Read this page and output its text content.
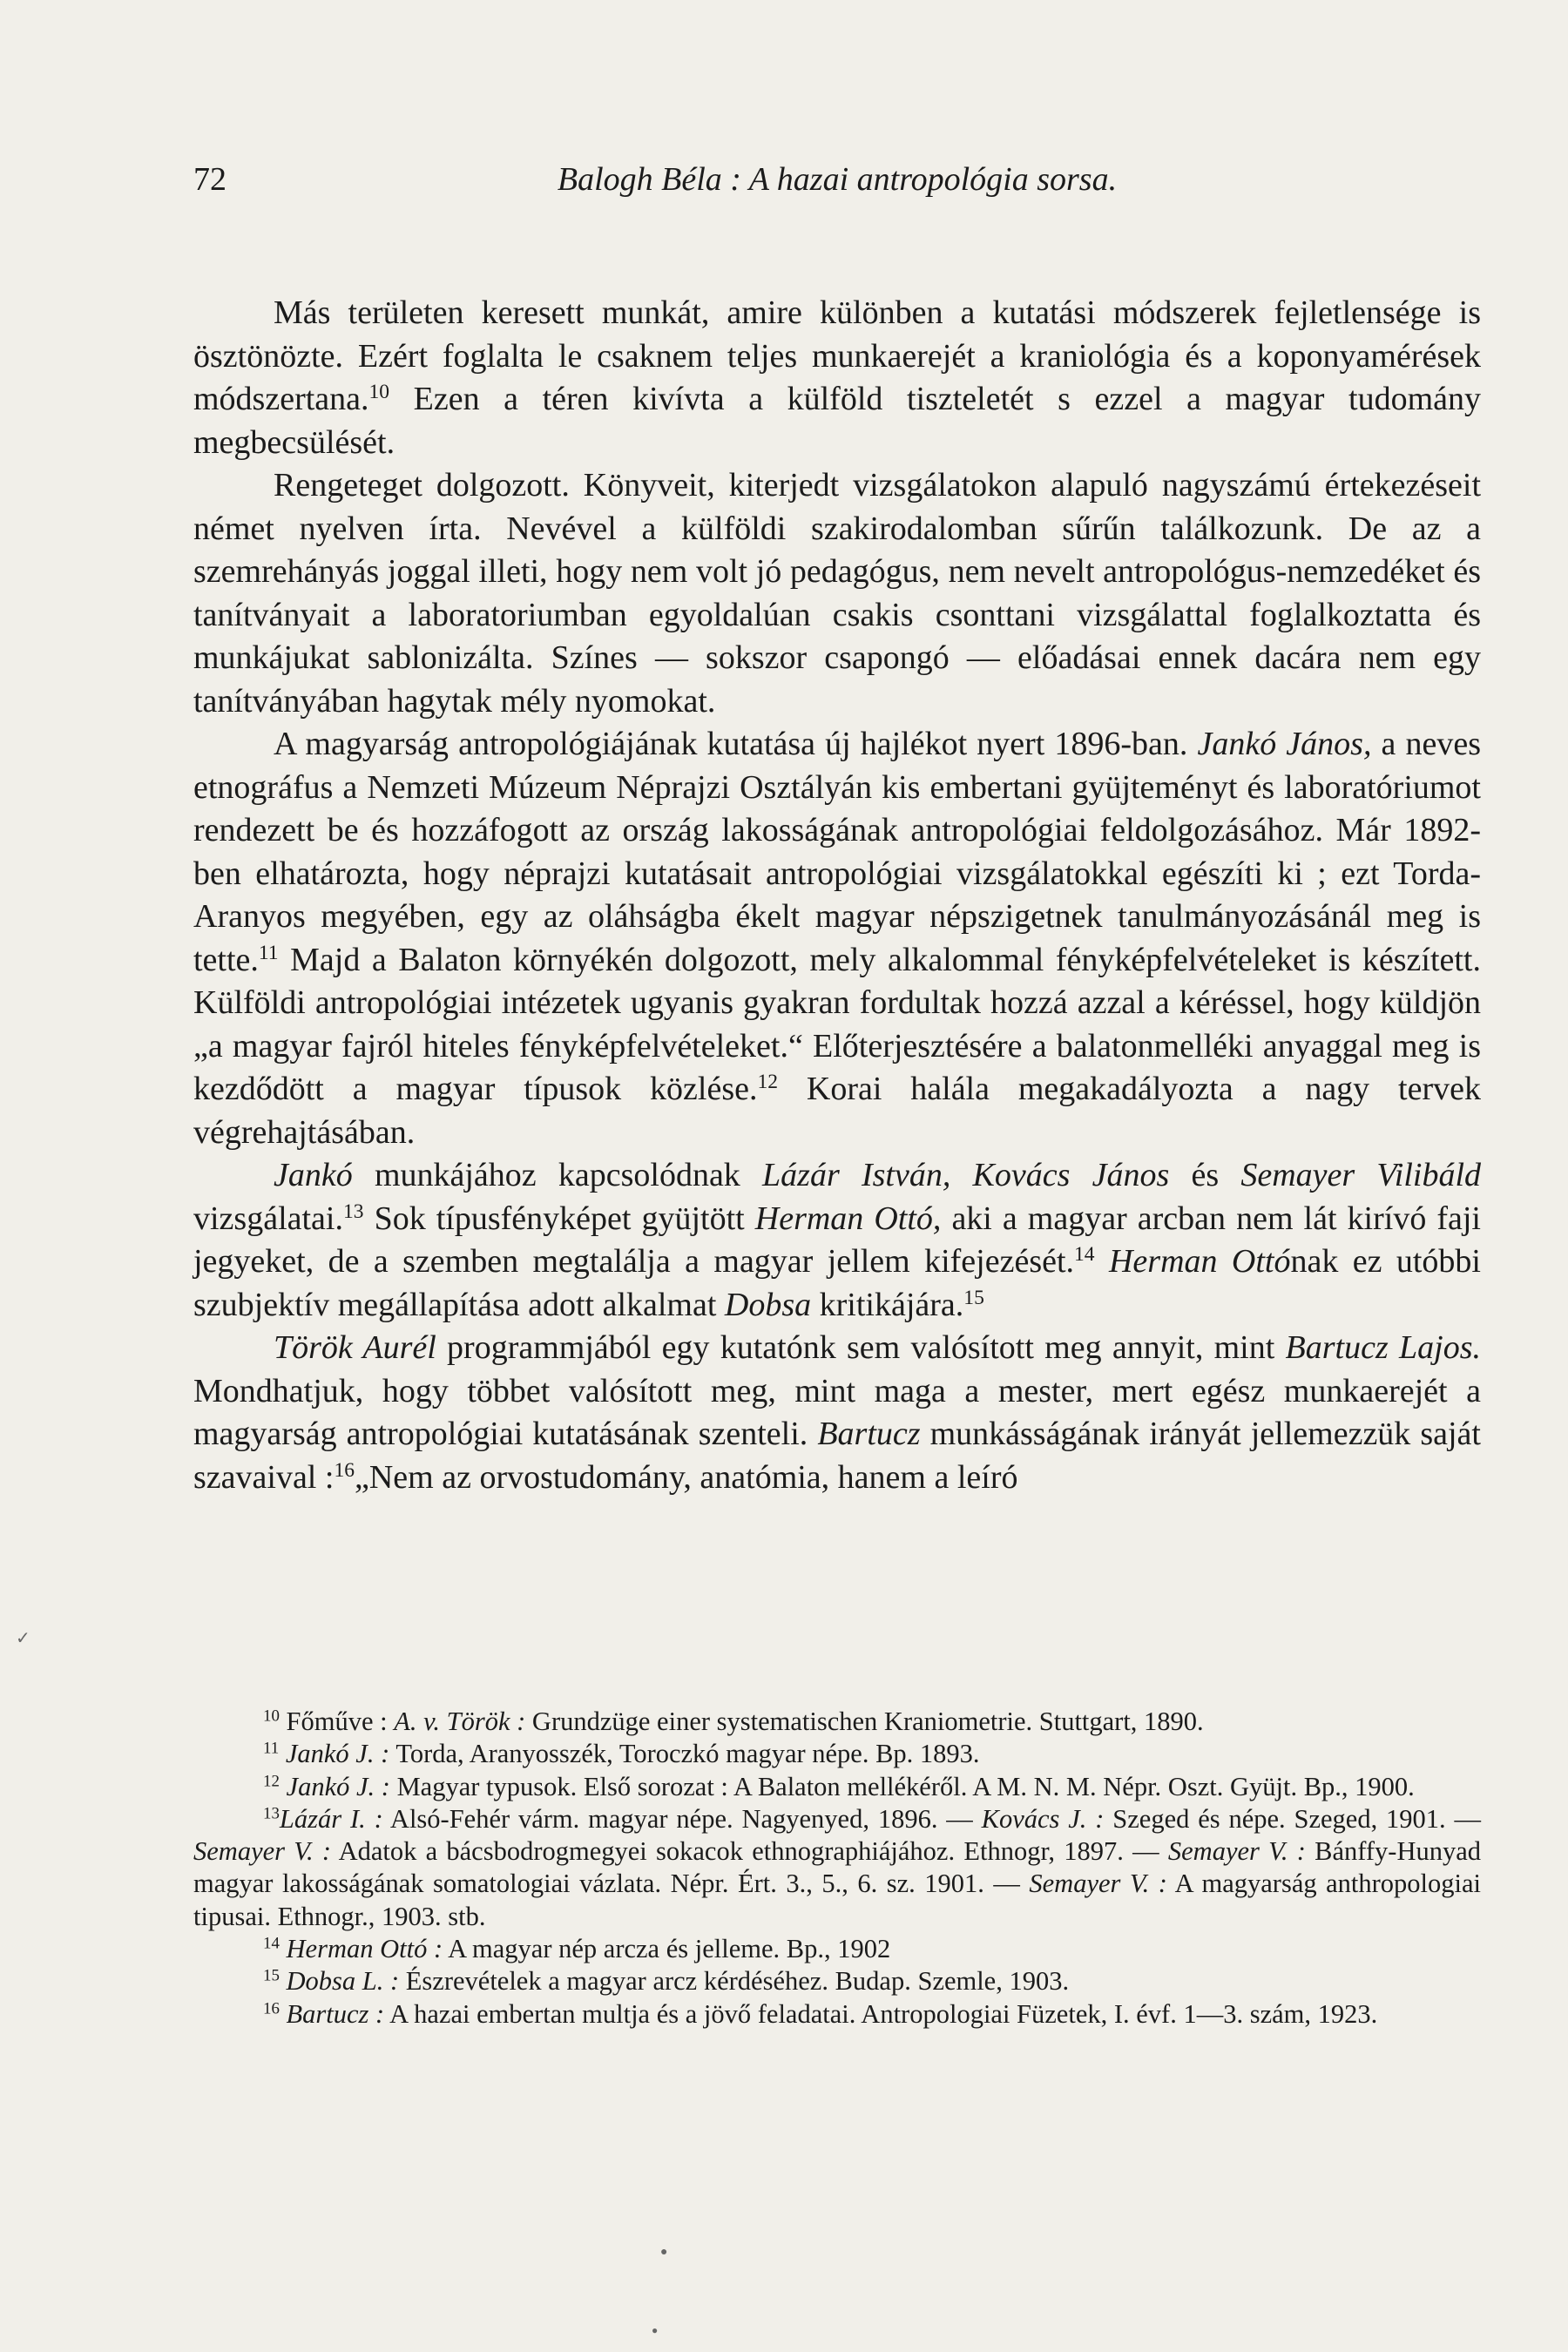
72	Balogh Béla : A hazai antropológia sorsa.

Más területen keresett munkát, amire különben a kutatási módszerek fejletlensége is ösztönözte. Ezért foglalta le csaknem teljes munkaerejét a kraniológia és a koponyamérések módszertana.$^{10}$ Ezen a téren kivívta a külföld tiszteletét s ezzel a magyar tudomány megbecsülését.

Rengeteget dolgozott. Könyveit, kiterjedt vizsgálatokon alapuló nagyszámú értekezéseit német nyelven írta. Nevével a külföldi szakirodalomban sűrűn találkozunk. De az a szemrehányás joggal illeti, hogy nem volt jó pedagógus, nem nevelt antropológus-nemzedéket és tanítványait a laboratoriumban egyoldalúan csakis csonttani vizsgálattal foglalkoztatta és munkájukat sablonizálta. Színes — sokszor csapongó — előadásai ennek dacára nem egy tanítványában hagytak mély nyomokat.

A magyarság antropológiájának kutatása új hajlékot nyert 1896-ban. Jankó János, a neves etnográfus a Nemzeti Múzeum Néprajzi Osztályán kis embertani gyüjteményt és laboratóriumot rendezett be és hozzáfogott az ország lakosságának antropológiai feldolgozásához. Már 1892-ben elhatározta, hogy néprajzi kutatásait antropológiai vizsgálatokkal egészíti ki ; ezt Torda-Aranyos megyében, egy az oláhságba ékelt magyar népszigetnek tanulmányozásánál meg is tette.$^{11}$ Majd a Balaton környékén dolgozott, mely alkalommal fényképfelvételeket is készített. Külföldi antropológiai intézetek ugyanis gyakran fordultak hozzá azzal a kéréssel, hogy küldjön „a magyar fajról hiteles fényképfelvételeket.“ Előterjesztésére a balatonmelléki anyaggal meg is kezdődött a magyar típusok közlése.$^{12}$ Korai halála megakadályozta a nagy tervek végrehajtásában.

Jankó munkájához kapcsolódnak Lázár István, Kovács János és Semayer Vilibáld vizsgálatai.$^{13}$ Sok típusfényképet gyüjtött Herman Ottó, aki a magyar arcban nem lát kirívó faji jegyeket, de a szemben megtalálja a magyar jellem kifejezését.$^{14}$ Herman Ottónak ez utóbbi szubjektív megállapítása adott alkalmat Dobsa kritikájára.$^{15}$

Török Aurél programmjából egy kutatónk sem valósított meg annyit, mint Bartucz Lajos. Mondhatjuk, hogy többet valósított meg, mint maga a mester, mert egész munkaerejét a magyarság antropológiai kutatásának szenteli. Bartucz munkásságának irányát jellemezzük saját szavaival :$^{16}$„Nem az orvostudomány, anatómia, hanem a leíró

$^{10}$ Főműve : A. v. Török : Grundzüge einer systematischen Kraniometrie. Stuttgart, 1890.

$^{11}$ Jankó J. : Torda, Aranyosszék, Toroczkó magyar népe. Bp. 1893.

$^{12}$ Jankó J. : Magyar typusok. Első sorozat : A Balaton mellékéről. A M. N. M. Népr. Oszt. Gyüjt. Bp., 1900.

$^{13}$Lázár I. : Alsó-Fehér várm. magyar népe. Nagyenyed, 1896. — Kovács J. : Szeged és népe. Szeged, 1901. — Semayer V. : Adatok a bácsbodrogmegyei sokacok ethnographiájához. Ethnogr, 1897. — Semayer V. : Bánffy-Hunyad magyar lakosságának somatologiai vázlata. Népr. Ért. 3., 5., 6. sz. 1901. — Semayer V. : A magyarság anthropologiai tipusai. Ethnogr., 1903. stb.

$^{14}$ Herman Ottó : A magyar nép arcza és jelleme. Bp., 1902

$^{15}$ Dobsa L. : Észrevételek a magyar arcz kérdéséhez. Budap. Szemle, 1903.

$^{16}$ Bartucz : A hazai embertan multja és a jövő feladatai. Antropologiai Füzetek, I. évf. 1—3. szám, 1923.

✓
●
●
